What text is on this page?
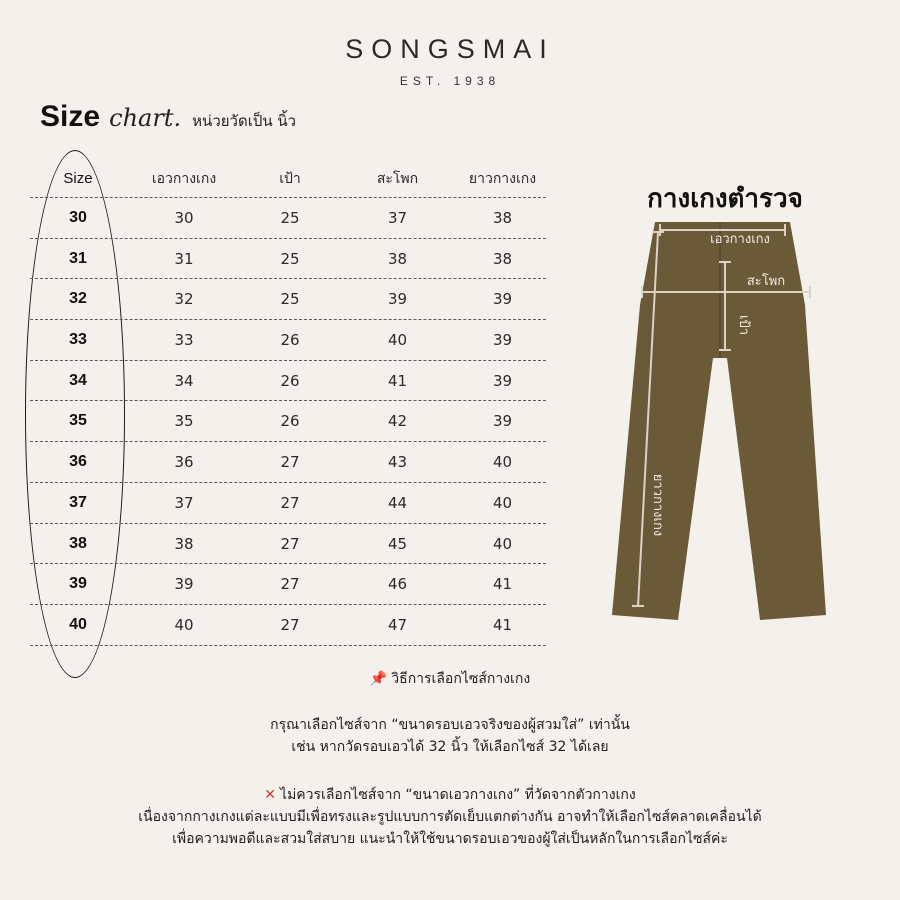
SONGSMAI
EST. 1938
Size chart. หน่วยวัดเป็น นิ้ว
Size	เอวกางเกง	เป้า	สะโพก	ยาวกางเกง
30	30	25	37	38
31	31	25	38	38
32	32	25	39	39
33	33	26	40	39
34	34	26	41	39
35	35	26	42	39
36	36	27	43	40
37	37	27	44	40
38	38	27	45	40
39	39	27	46	41
40	40	27	47	41
กางเกงตำรวจ
เอวกางเกง
สะโพก
เป้า
ยาวกางเกง
📌 วิธีการเลือกไซส์กางเกง
กรุณาเลือกไซส์จาก “ขนาดรอบเอวจริงของผู้สวมใส่” เท่านั้น
เช่น หากวัดรอบเอวได้ 32 นิ้ว ให้เลือกไซส์ 32 ได้เลย
✕ ไม่ควรเลือกไซส์จาก “ขนาดเอวกางเกง” ที่วัดจากตัวกางเกง
เนื่องจากกางเกงแต่ละแบบมีเพื่อทรงและรูปแบบการตัดเย็บแตกต่างกัน อาจทำให้เลือกไซส์คลาดเคลื่อนได้
เพื่อความพอดีและสวมใส่สบาย แนะนำให้ใช้ขนาดรอบเอวของผู้ใส่เป็นหลักในการเลือกไซส์ค่ะ
